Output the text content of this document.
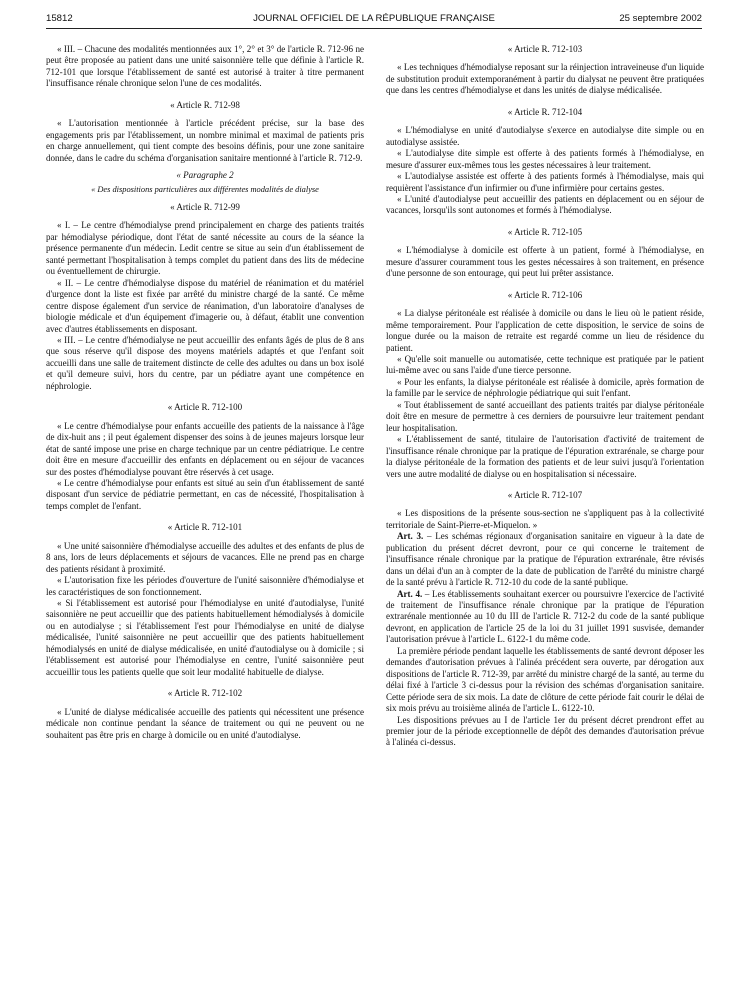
15812	JOURNAL OFFICIEL DE LA RÉPUBLIQUE FRANÇAISE	25 septembre 2002

« III. – Chacune des modalités mentionnées aux 1°, 2° et 3° de l'article R. 712-96 ne peut être proposée au patient dans une unité saisonnière telle que définie à l'article R. 712-101 que lorsque l'établissement de santé est autorisé à traiter à titre permanent l'insuffisance rénale chronique selon l'une de ces modalités.

« Article R. 712-98

« L'autorisation mentionnée à l'article précédent précise, sur la base des engagements pris par l'établissement, un nombre minimal et maximal de patients pris en charge annuellement, qui tient compte des besoins définis, pour une zone sanitaire donnée, dans le cadre du schéma d'organisation sanitaire mentionné à l'article R. 712-9.

« Paragraphe 2

« Des dispositions particulières aux différentes modalités de dialyse

« Article R. 712-99

« I. – Le centre d'hémodialyse prend principalement en charge des patients traités par hémodialyse périodique, dont l'état de santé nécessite au cours de la séance la présence permanente d'un médecin. Ledit centre se situe au sein d'un établissement de santé permettant l'hospitalisation à temps complet du patient dans des lits de médecine ou éventuellement de chirurgie.

« II. – Le centre d'hémodialyse dispose du matériel de réanimation et du matériel d'urgence dont la liste est fixée par arrêté du ministre chargé de la santé. Ce même centre dispose également d'un service de réanimation, d'un laboratoire d'analyses de biologie médicale et d'un équipement d'imagerie ou, à défaut, établit une convention avec d'autres établissements en disposant.

« III. – Le centre d'hémodialyse ne peut accueillir des enfants âgés de plus de 8 ans que sous réserve qu'il dispose des moyens matériels adaptés et que l'enfant soit accueilli dans une salle de traitement distincte de celle des adultes ou dans un box isolé et qu'il demeure suivi, hors du centre, par un pédiatre ayant une compétence en néphrologie.

« Article R. 712-100

« Le centre d'hémodialyse pour enfants accueille des patients de la naissance à l'âge de dix-huit ans ; il peut également dispenser des soins à de jeunes majeurs lorsque leur état de santé impose une prise en charge technique par un centre pédiatrique. Le centre doit être en mesure d'accueillir des enfants en déplacement ou en séjour de vacances sur des postes d'hémodialyse pouvant être réservés à cet usage.

« Le centre d'hémodialyse pour enfants est situé au sein d'un établissement de santé disposant d'un service de pédiatrie permettant, en cas de nécessité, l'hospitalisation à temps complet de l'enfant.

« Article R. 712-101

« Une unité saisonnière d'hémodialyse accueille des adultes et des enfants de plus de 8 ans, lors de leurs déplacements et séjours de vacances. Elle ne prend pas en charge des patients résidant à proximité.

« L'autorisation fixe les périodes d'ouverture de l'unité saisonnière d'hémodialyse et les caractéristiques de son fonctionnement.

« Si l'établissement est autorisé pour l'hémodialyse en unité d'autodialyse, l'unité saisonnière ne peut accueillir que des patients habituellement hémodialysés à domicile ou en autodialyse ; si l'établissement l'est pour l'hémodialyse en unité de dialyse médicalisée, l'unité saisonnière ne peut accueillir que des patients habituellement hémodialysés en unité de dialyse médicalisée, en unité d'autodialyse ou à domicile ; si l'établissement est autorisé pour l'hémodialyse en centre, l'unité saisonnière peut accueillir tous les patients quelle que soit leur modalité habituelle de dialyse.

« Article R. 712-102

« L'unité de dialyse médicalisée accueille des patients qui nécessitent une présence médicale non continue pendant la séance de traitement ou qui ne peuvent ou ne souhaitent pas être pris en charge à domicile ou en unité d'autodialyse.

« Article R. 712-103

« Les techniques d'hémodialyse reposant sur la réinjection intraveineuse d'un liquide de substitution produit extemporanément à partir du dialysat ne peuvent être pratiquées que dans les centres d'hémodialyse et dans les unités de dialyse médicalisée.

« Article R. 712-104

« L'hémodialyse en unité d'autodialyse s'exerce en autodialyse dite simple ou en autodialyse assistée.

« L'autodialyse dite simple est offerte à des patients formés à l'hémodialyse, en mesure d'assurer eux-mêmes tous les gestes nécessaires à leur traitement.

« L'autodialyse assistée est offerte à des patients formés à l'hémodialyse, mais qui requièrent l'assistance d'un infirmier ou d'une infirmière pour certains gestes.

« L'unité d'autodialyse peut accueillir des patients en déplacement ou en séjour de vacances, lorsqu'ils sont autonomes et formés à l'hémodialyse.

« Article R. 712-105

« L'hémodialyse à domicile est offerte à un patient, formé à l'hémodialyse, en mesure d'assurer couramment tous les gestes nécessaires à son traitement, en présence d'une personne de son entourage, qui peut lui prêter assistance.

« Article R. 712-106

« La dialyse péritonéale est réalisée à domicile ou dans le lieu où le patient réside, même temporairement. Pour l'application de cette disposition, le service de soins de longue durée ou la maison de retraite est regardé comme un lieu de résidence du patient.

« Qu'elle soit manuelle ou automatisée, cette technique est pratiquée par le patient lui-même avec ou sans l'aide d'une tierce personne.

« Pour les enfants, la dialyse péritonéale est réalisée à domicile, après formation de la famille par le service de néphrologie pédiatrique qui suit l'enfant.

« Tout établissement de santé accueillant des patients traités par dialyse péritonéale doit être en mesure de permettre à ces derniers de poursuivre leur traitement pendant leur hospitalisation.

« L'établissement de santé, titulaire de l'autorisation d'activité de traitement de l'insuffisance rénale chronique par la pratique de l'épuration extrarénale, se charge pour la dialyse péritonéale de la formation des patients et de leur suivi jusqu'à l'orientation vers une autre modalité de dialyse ou en hospitalisation si nécessaire.

« Article R. 712-107

« Les dispositions de la présente sous-section ne s'appliquent pas à la collectivité territoriale de Saint-Pierre-et-Miquelon. »

Art. 3. – Les schémas régionaux d'organisation sanitaire en vigueur à la date de publication du présent décret devront, pour ce qui concerne le traitement de l'insuffisance rénale chronique par la pratique de l'épuration extrarénale, être révisés dans un délai d'un an à compter de la date de publication de l'arrêté du ministre chargé de la santé prévu à l'article R. 712-10 du code de la santé publique.

Art. 4. – Les établissements souhaitant exercer ou poursuivre l'exercice de l'activité de traitement de l'insuffisance rénale chronique par la pratique de l'épuration extrarénale mentionnée au 10 du III de l'article R. 712-2 du code de la santé publique devront, en application de l'article 25 de la loi du 31 juillet 1991 susvisée, demander l'autorisation prévue à l'article L. 6122-1 du même code.

La première période pendant laquelle les établissements de santé devront déposer les demandes d'autorisation prévues à l'alinéa précédent sera ouverte, par dérogation aux dispositions de l'article R. 712-39, par arrêté du ministre chargé de la santé, au terme du délai fixé à l'article 3 ci-dessus pour la révision des schémas d'organisation sanitaire. Cette période sera de six mois. La date de clôture de cette période fait courir le délai de six mois prévu au troisième alinéa de l'article L. 6122-10.

Les dispositions prévues au I de l'article 1er du présent décret prendront effet au premier jour de la période exceptionnelle de dépôt des demandes d'autorisation prévue à l'alinéa ci-dessus.
